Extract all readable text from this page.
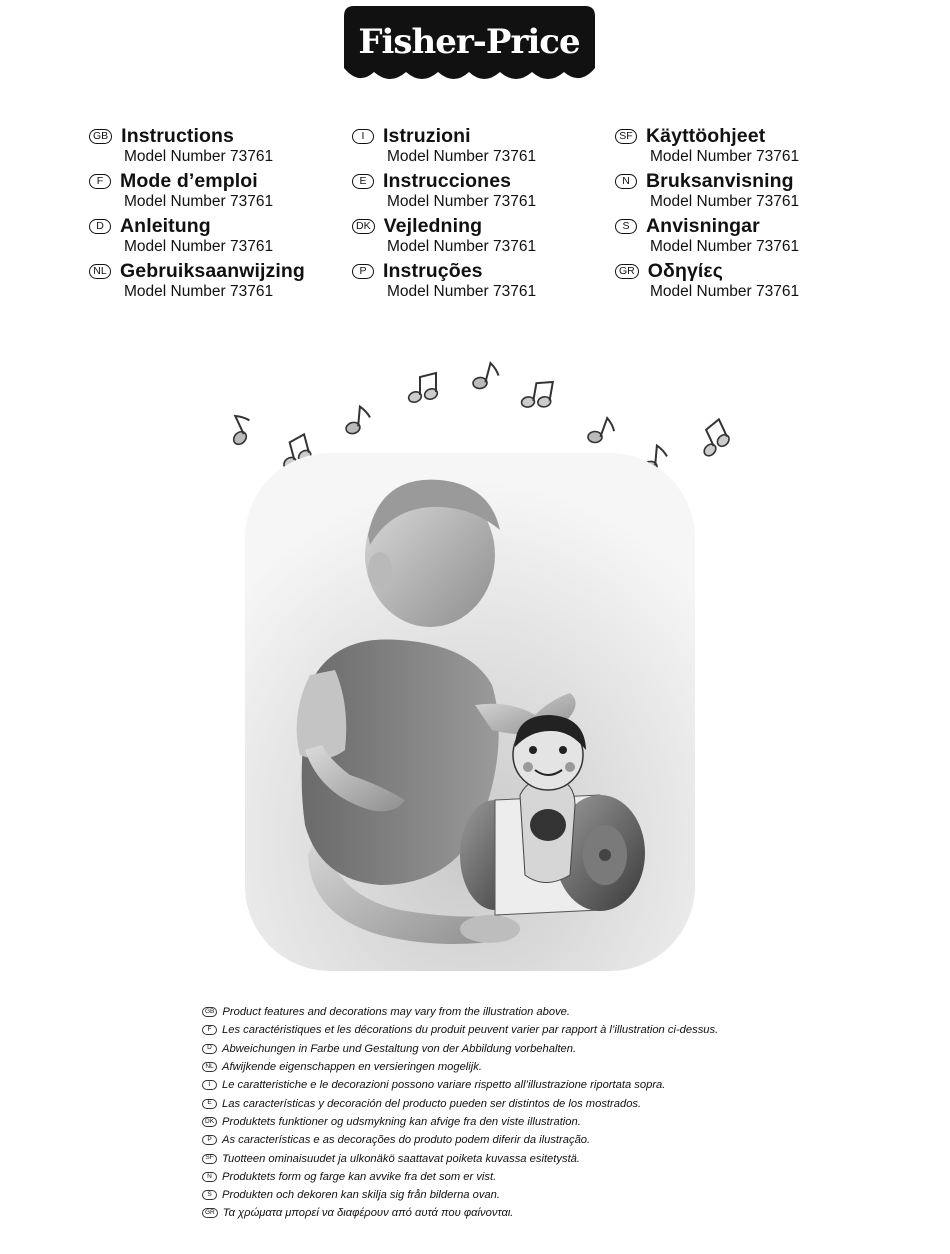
Fisher-Price
GB Instructions
Model Number 73761
F Mode d’emploi
Model Number 73761
D Anleitung
Model Number 73761
NL Gebruiksaanwijzing
Model Number 73761
I Istruzioni
Model Number 73761
E Instrucciones
Model Number 73761
DK Vejledning
Model Number 73761
P Instruções
Model Number 73761
SF Käyttöohjeet
Model Number 73761
N Bruksanvisning
Model Number 73761
S Anvisningar
Model Number 73761
GR Οδηγίες
Model Number 73761
GB Product features and decorations may vary from the illustration above.
F Les caractéristiques et les décorations du produit peuvent varier par rapport à l’illustration ci-dessus.
D Abweichungen in Farbe und Gestaltung von der Abbildung vorbehalten.
NL Afwijkende eigenschappen en versieringen mogelijk.
I	Le caratteristiche e le decorazioni possono variare rispetto all’illustrazione riportata sopra.
E Las características y decoración del producto pueden ser distintos de los mostrados.
DK Produktets funktioner og udsmykning kan afvige fra den viste illustration.
P As características e as decorações do produto podem diferir da ilustração.
SF Tuotteen ominaisuudet ja ulkonäkö saattavat poiketa kuvassa esitetystä.
N Produktets form og farge kan avvike fra det som er vist.
S Produkten och dekoren kan skilja sig från bilderna ovan.
GR Τα χρώματα μπορεί να διαφέρουν από αυτά που φαίνονται.
